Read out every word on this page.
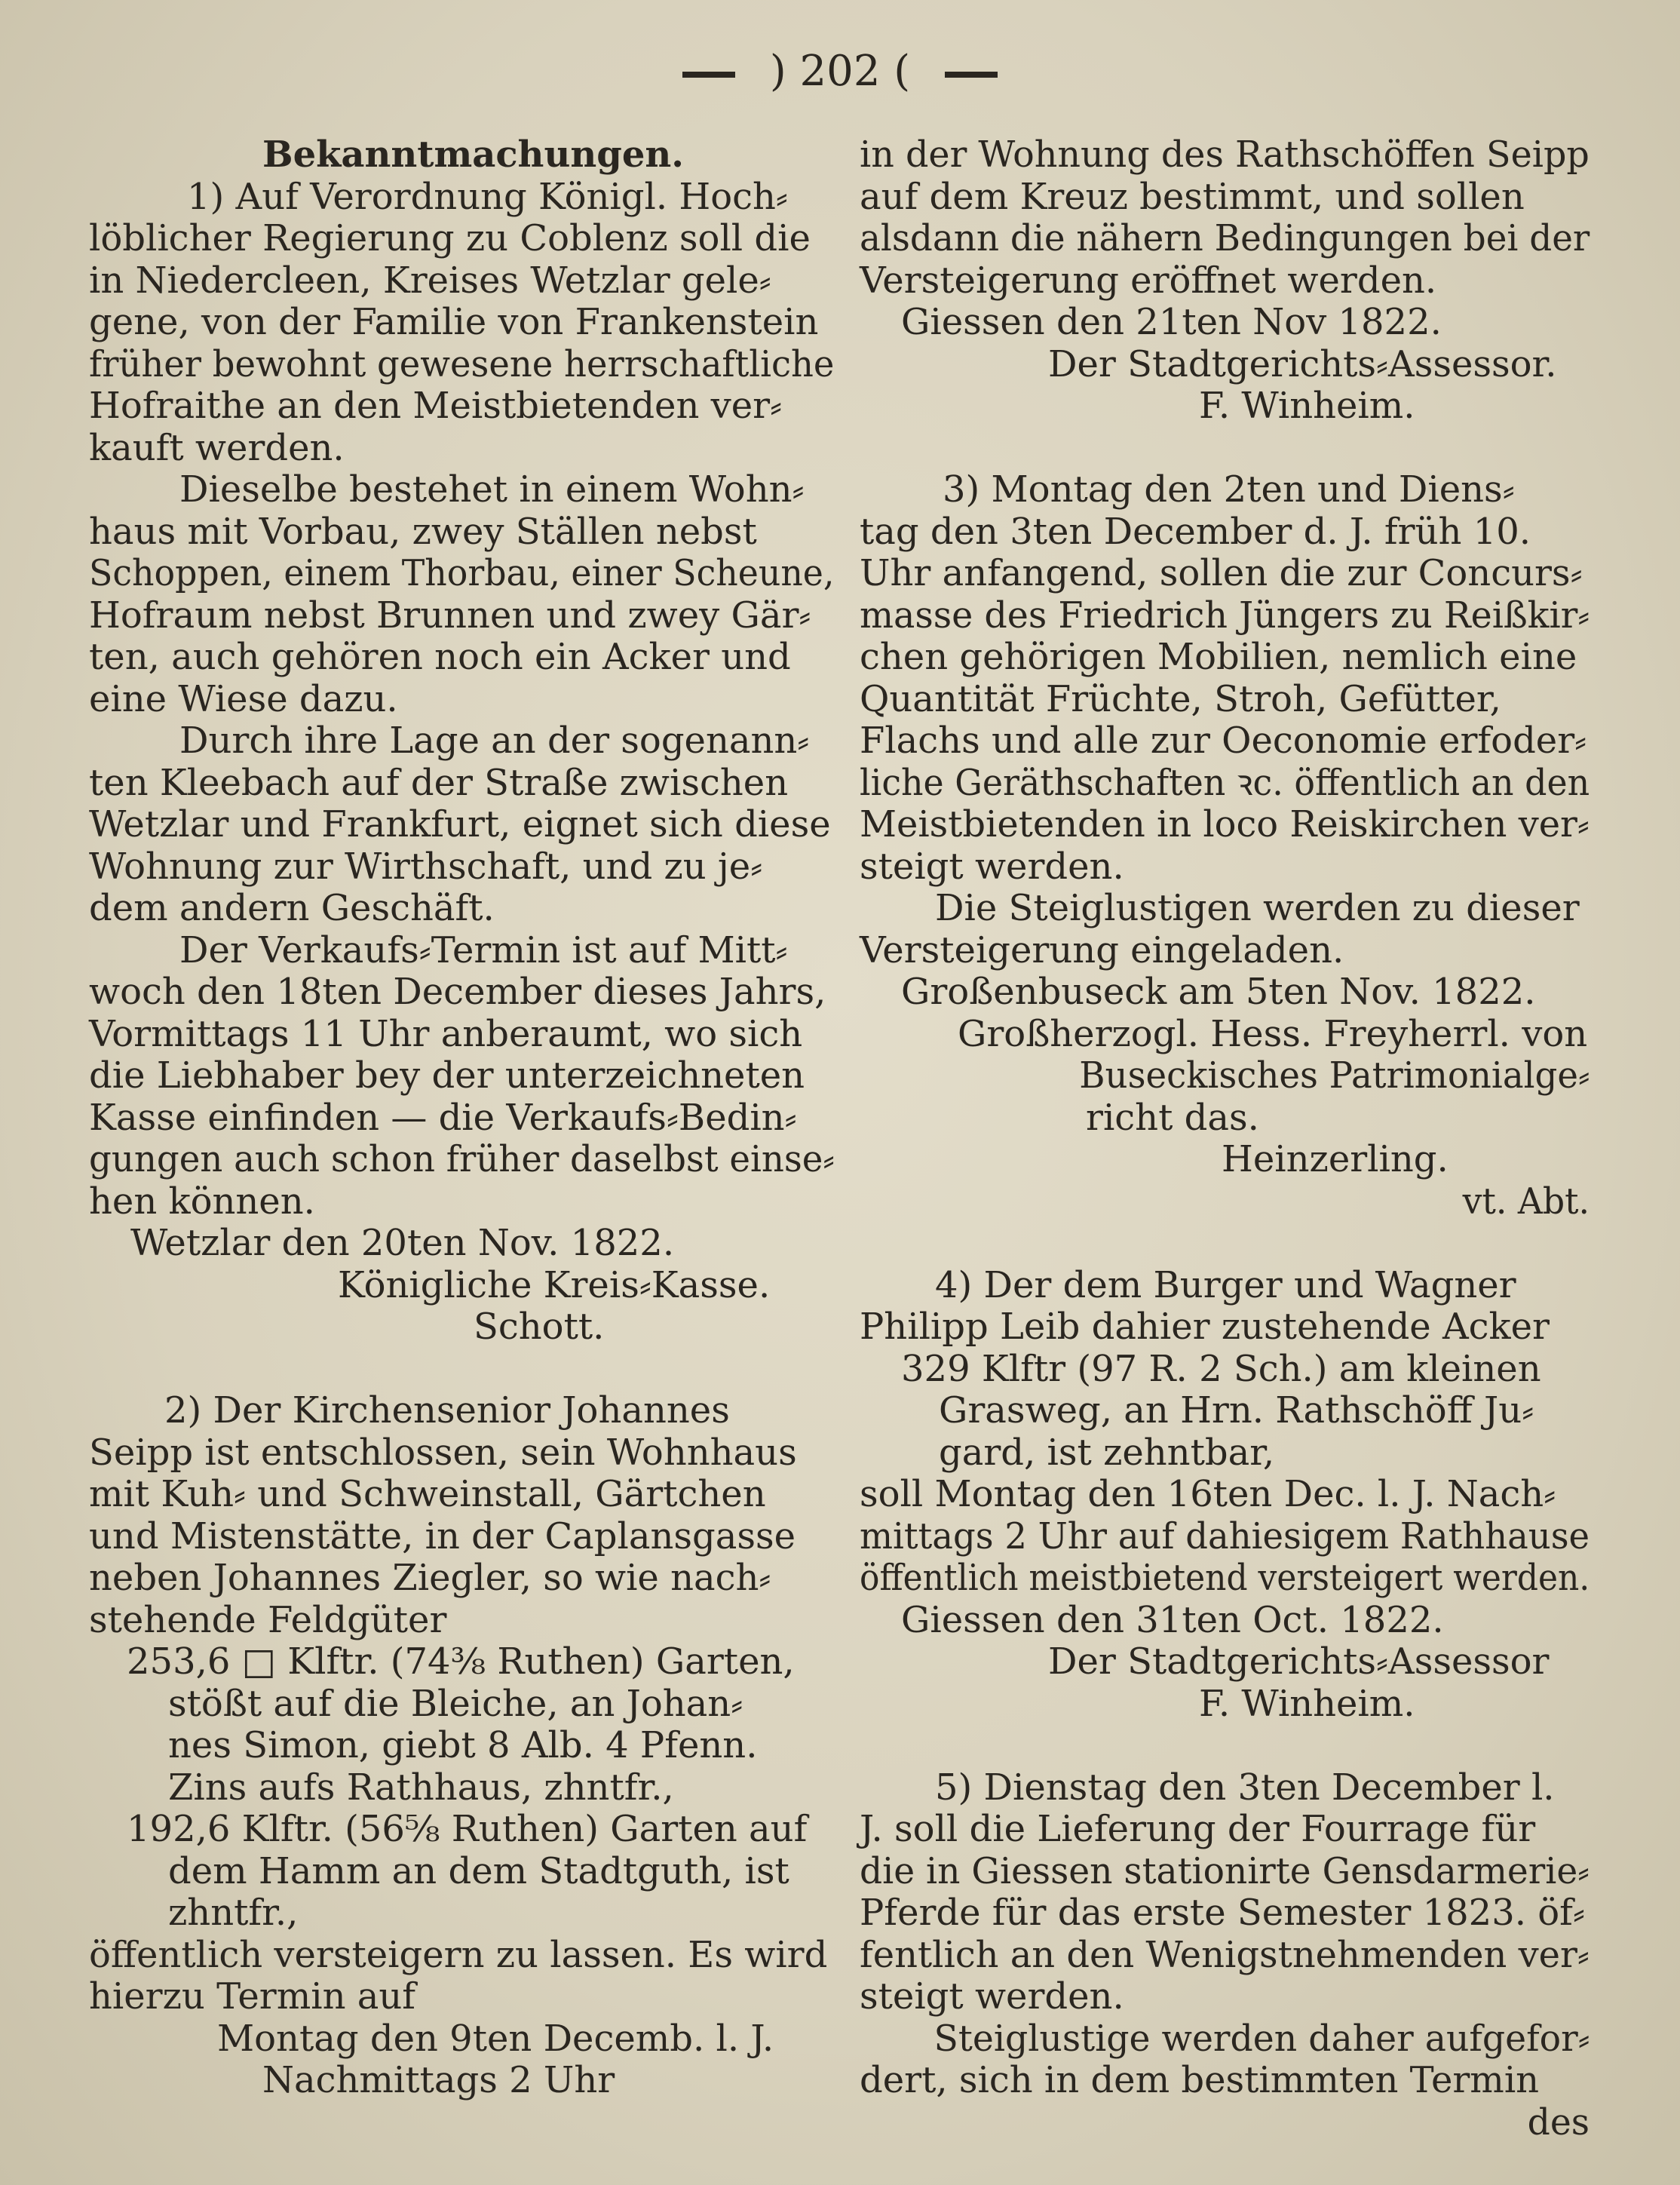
) 202 (
Bekanntmachungen.
1) Auf Verordnung Königl. Hoch⸗
löblicher Regierung zu Coblenz soll die
in Niedercleen, Kreises Wetzlar gele⸗
gene, von der Familie von Frankenstein
früher bewohnt gewesene herrschaftliche
Hofraithe an den Meistbietenden ver⸗
kauft werden.
Dieselbe bestehet in einem Wohn⸗
haus mit Vorbau, zwey Ställen nebst
Schoppen, einem Thorbau, einer Scheune,
Hofraum nebst Brunnen und zwey Gär⸗
ten, auch gehören noch ein Acker und
eine Wiese dazu.
Durch ihre Lage an der sogenann⸗
ten Kleebach auf der Straße zwischen
Wetzlar und Frankfurt, eignet sich diese
Wohnung zur Wirthschaft, und zu je⸗
dem andern Geschäft.
Der Verkaufs⸗Termin ist auf Mitt⸗
woch den 18ten December dieses Jahrs,
Vormittags 11 Uhr anberaumt, wo sich
die Liebhaber bey der unterzeichneten
Kasse einfinden — die Verkaufs⸗Bedin⸗
gungen auch schon früher daselbst einse⸗
hen können.
Wetzlar den 20ten Nov. 1822.
Königliche Kreis⸗Kasse.
Schott.
2) Der Kirchensenior Johannes
Seipp ist entschlossen, sein Wohnhaus
mit Kuh⸗ und Schweinstall, Gärtchen
und Mistenstätte, in der Caplansgasse
neben Johannes Ziegler, so wie nach⸗
stehende Feldgüter
253,6 □ Klftr. (74⅜ Ruthen) Garten,
stößt auf die Bleiche, an Johan⸗
nes Simon, giebt 8 Alb. 4 Pfenn.
Zins aufs Rathhaus, zhntfr.,
192,6 Klftr. (56⅝ Ruthen) Garten auf
dem Hamm an dem Stadtguth, ist
zhntfr.,
öffentlich versteigern zu lassen. Es wird
hierzu Termin auf
Montag den 9ten Decemb. l. J.
Nachmittags 2 Uhr
in der Wohnung des Rathschöffen Seipp
auf dem Kreuz bestimmt, und sollen
alsdann die nähern Bedingungen bei der
Versteigerung eröffnet werden.
Giessen den 21ten Nov 1822.
Der Stadtgerichts⸗Assessor.
F. Winheim.
3) Montag den 2ten und Diens⸗
tag den 3ten December d. J. früh 10.
Uhr anfangend, sollen die zur Concurs⸗
masse des Friedrich Jüngers zu Reißkir⸗
chen gehörigen Mobilien, nemlich eine
Quantität Früchte, Stroh, Gefütter,
Flachs und alle zur Oeconomie erfoder⸗
liche Geräthschaften ꝛc. öffentlich an den
Meistbietenden in loco Reiskirchen ver⸗
steigt werden.
Die Steiglustigen werden zu dieser
Versteigerung eingeladen.
Großenbuseck am 5ten Nov. 1822.
Großherzogl. Hess. Freyherrl. von
Buseckisches Patrimonialge⸗
richt das.
Heinzerling.
vt. Abt.
4) Der dem Burger und Wagner
Philipp Leib dahier zustehende Acker
329 Klftr (97 R. 2 Sch.) am kleinen
Grasweg, an Hrn. Rathschöff Ju⸗
gard, ist zehntbar,
soll Montag den 16ten Dec. l. J. Nach⸗
mittags 2 Uhr auf dahiesigem Rathhause
öffentlich meistbietend versteigert werden.
Giessen den 31ten Oct. 1822.
Der Stadtgerichts⸗Assessor
F. Winheim.
5) Dienstag den 3ten December l.
J. soll die Lieferung der Fourrage für
die in Giessen stationirte Gensdarmerie⸗
Pferde für das erste Semester 1823. öf⸗
fentlich an den Wenigstnehmenden ver⸗
steigt werden.
Steiglustige werden daher aufgefor⸗
dert, sich in dem bestimmten Termin
des
